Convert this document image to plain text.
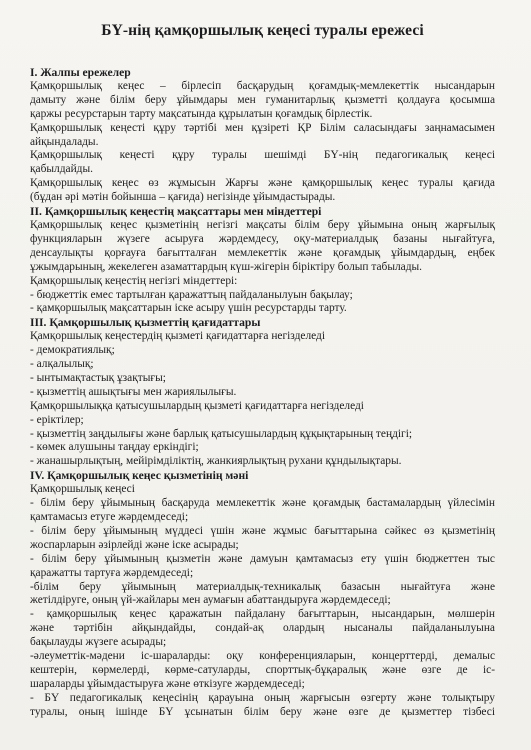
БҮ-нің қамқоршылық кеңесі туралы ережесі
І. Жалпы ережелер
Қамқоршылық кеңес – бірлесіп басқарудың қоғамдық-мемлекеттік нысандарын
дамыту және білім беру ұйымдары мен гуманитарлық қызметті қолдауға қосымша
қаржы ресурстарын тарту мақсатында құрылатын қоғамдық бірлестік.
Қамқоршылық кеңесті құру тәртібі мен құзіреті ҚР Білім саласындағы заңнамасымен
айқындалады.
Қамқоршылық кеңесті құру туралы шешімді БҮ-нің педагогикалық кеңесі
қабылдайды.
Қамқоршылық кеңес өз жұмысын Жарғы және қамқоршылық кеңес туралы қағида
(бұдан әрі мәтін бойынша – қағида) негізінде ұйымдастырады.
ІІ. Қамқоршылық кеңестің мақсаттары мен міндеттері
Қамқоршылық кеңес қызметінің негізгі мақсаты білім беру ұйымына оның жарғылық
функцияларын жүзеге асыруға жәрдемдесу, оқу-материалдық базаны нығайтуға,
денсаулықты қорғауға бағытталған мемлекеттік және қоғамдық ұйымдардың, еңбек
ұжымдарының, жекелеген азаматтардың күш-жігерін біріктіру болып табылады.
Қамқоршылық кеңестің негізгі міндеттері:
- бюджеттік емес тартылған қаражаттың пайдаланылуын бақылау;
- қамқоршылық мақсаттарын іске асыру үшін ресурстарды тарту.
ІІІ. Қамқоршылық қызметтің қағидаттары
Қамқоршылық кеңестердің қызметі қағидаттарға негізделеді
- демократиялық;
- алқалылық;
- ынтымақтастық ұзақтығы;
- қызметтің ашықтығы мен жариялылығы.
Қамқоршылыққа қатысушылардың қызметі қағидаттарға негізделеді
- еріктілер;
- қызметтің заңдылығы және барлық қатысушылардың құқықтарының теңдігі;
- көмек алушыны таңдау еркіндігі;
- жанашырлықтың, мейірімділіктің, жанкиярлықтың рухани құндылықтары.
IV. Қамқоршылық кеңес қызметінің мәні
Қамқоршылық кеңесі
- білім беру ұйымының басқаруда мемлекеттік және қоғамдық бастамалардың үйлесімін
қамтамасыз етуге жәрдемдеседі;
- білім беру ұйымының мүддесі үшін және жұмыс бағыттарына сәйкес өз қызметінің
жоспарларын әзірлейді және іске асырады;
- білім беру ұйымының қызметін және дамуын қамтамасыз ету үшін бюджеттен тыс
қаражатты тартуға жәрдемдеседі;
-білім беру ұйымының материалдық-техникалық базасын нығайтуға және
жетілдіруге, оның үй-жайлары мен аумағын абаттандыруға жәрдемдеседі;
- қамқоршылық кеңес қаражатын пайдалану бағыттарын, нысандарын, мөлшерін
және тәртібін айқындайды, сондай-ақ олардың нысаналы пайдаланылуына
бақылауды жүзеге асырады;
-әлеуметтік-мәдени іс-шараларды: оқу конференцияларын, концерттерді, демалыс
кештерін, көрмелерді, көрме-сатуларды, спорттық-бұқаралық және өзге де іс-
шараларды ұйымдастыруға және өткізуге жәрдемдеседі;
- БҮ педагогикалық кеңесінің қарауына оның жарғысын өзгерту және толықтыру
туралы, оның ішінде БҮ ұсынатын білім беру және өзге де қызметтер тізбесі
